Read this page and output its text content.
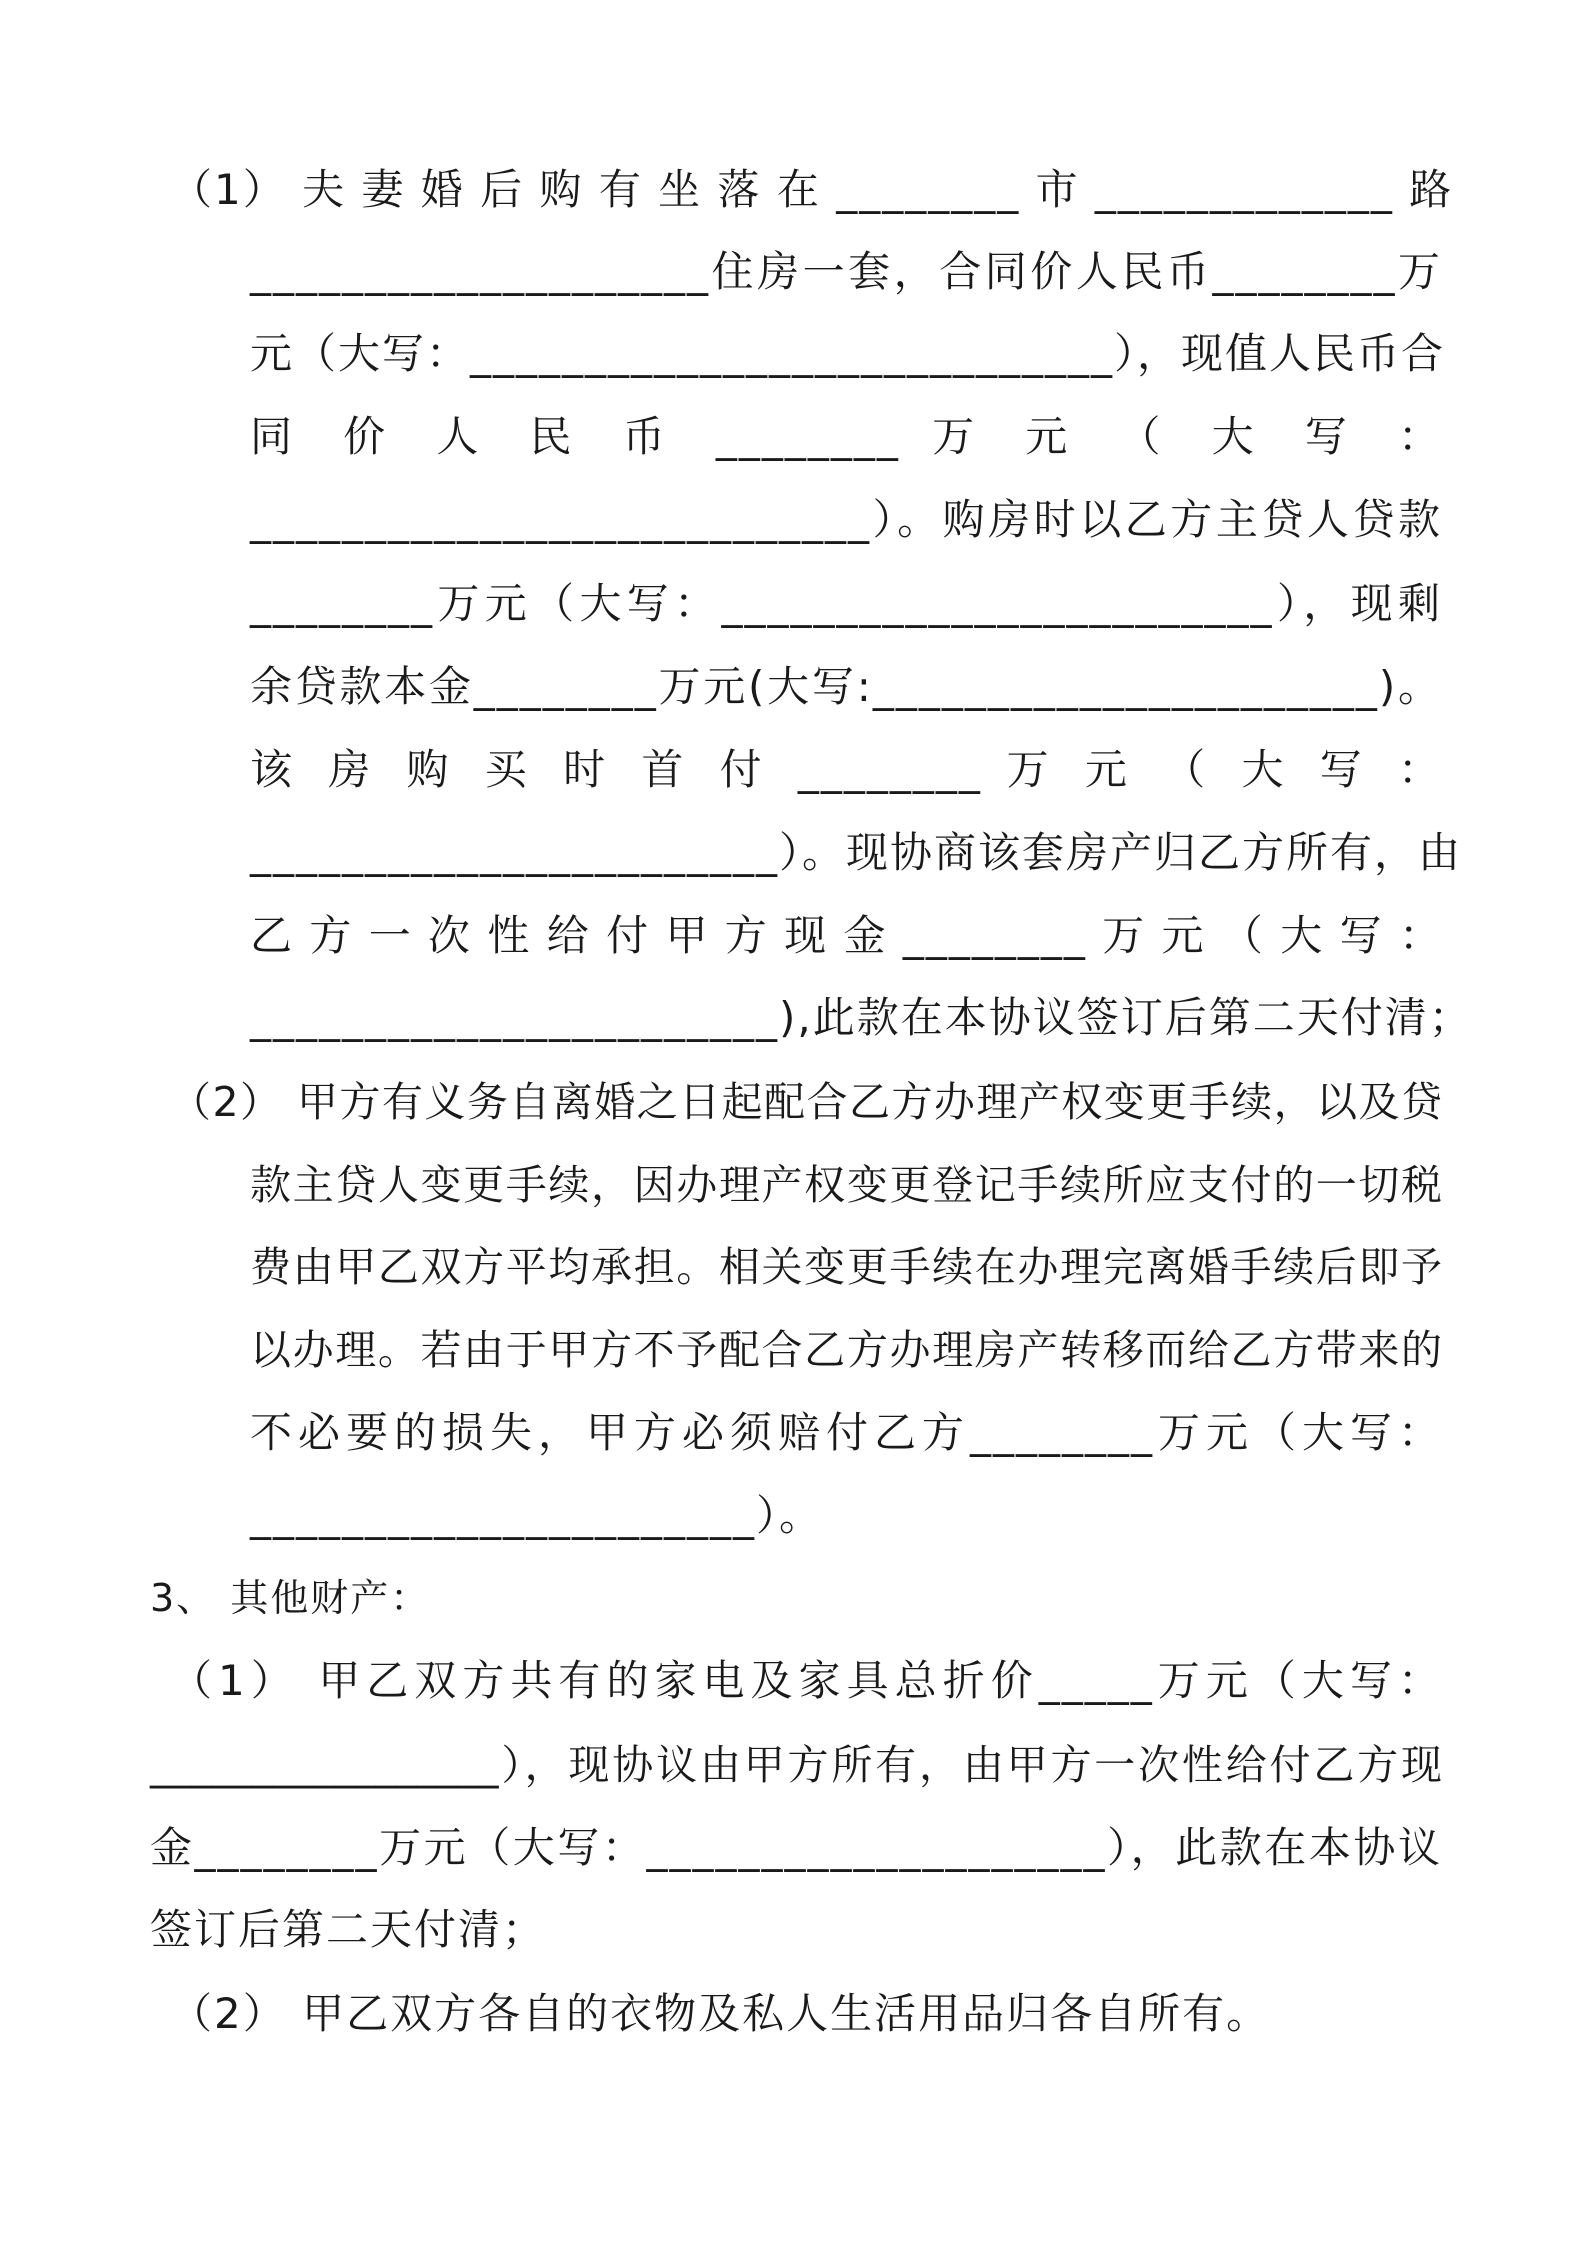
（1） 夫 妻 婚 后 购 有 坐 落 在 ________ 市 _____________ 路
____________________住房一套，合同价人民币________万
元（大写：____________________________），现值人民币合
同 价 人 民 币 ________ 万 元 （ 大 写 ：
___________________________）。购房时以乙方主贷人贷款
________万元（大写：________________________），现剩
余贷款本金________万元(大写:______________________)。
该 房 购 买 时 首 付 ________ 万 元 （ 大 写 ：
_______________________）。现协商该套房产归乙方所有，由
乙 方 一 次 性 给 付 甲 方 现 金 ________ 万 元 （ 大 写 ：
_______________________),此款在本协议签订后第二天付清；
（2） 甲方有义务自离婚之日起配合乙方办理产权变更手续，以及贷
款主贷人变更手续，因办理产权变更登记手续所应支付的一切税
费由甲乙双方平均承担。相关变更手续在办理完离婚手续后即予
以办理。若由于甲方不予配合乙方办理房产转移而给乙方带来的
不必要的损失，甲方必须赔付乙方________万元（大写：
______________________）。
3、 其他财产：
（1） 甲乙双方共有的家电及家具总折价_____万元（大写：
_________________），现协议由甲方所有，由甲方一次性给付乙方现
金________万元（大写：____________________），此款在本协议
签订后第二天付清；
（2） 甲乙双方各自的衣物及私人生活用品归各自所有。
